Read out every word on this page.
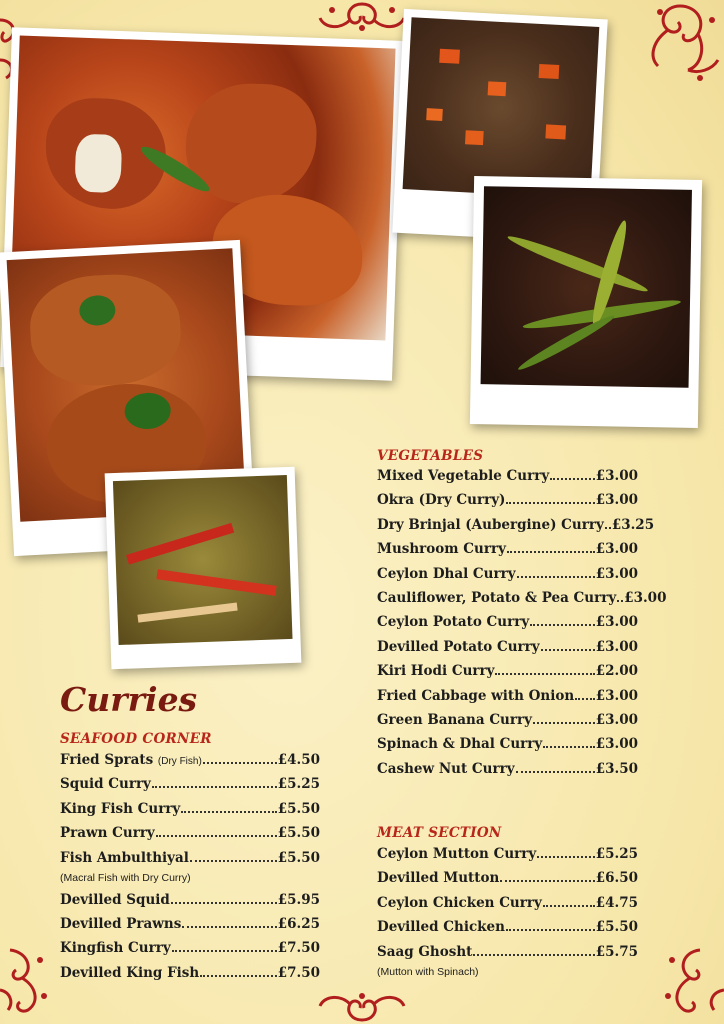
Curries
SEAFOOD CORNER
Fried Sprats (Dry Fish)	£4.50
Squid Curry	£5.25
King Fish Curry	£5.50
Prawn Curry	£5.50
Fish Ambulthiyal	£5.50
(Macral Fish with Dry Curry)
Devilled Squid	£5.95
Devilled Prawns	£6.25
Kingfish Curry	£7.50
Devilled King Fish	£7.50
VEGETABLES
Mixed Vegetable Curry	£3.00
Okra (Dry Curry)	£3.00
Dry Brinjal (Aubergine) Curry £3.25
Mushroom Curry	£3.00
Ceylon Dhal Curry	£3.00
Cauliflower, Potato & Pea Curry £3.00
Ceylon Potato Curry	£3.00
Devilled Potato Curry	£3.00
Kiri Hodi Curry	£2.00
Fried Cabbage with Onion £3.00
Green Banana Curry	£3.00
Spinach & Dhal Curry	£3.00
Cashew Nut Curry	£3.50
MEAT SECTION
Ceylon Mutton Curry	£5.25
Devilled Mutton	£6.50
Ceylon Chicken Curry	£4.75
Devilled Chicken	£5.50
Saag Ghosht	£5.75
(Mutton with Spinach)
